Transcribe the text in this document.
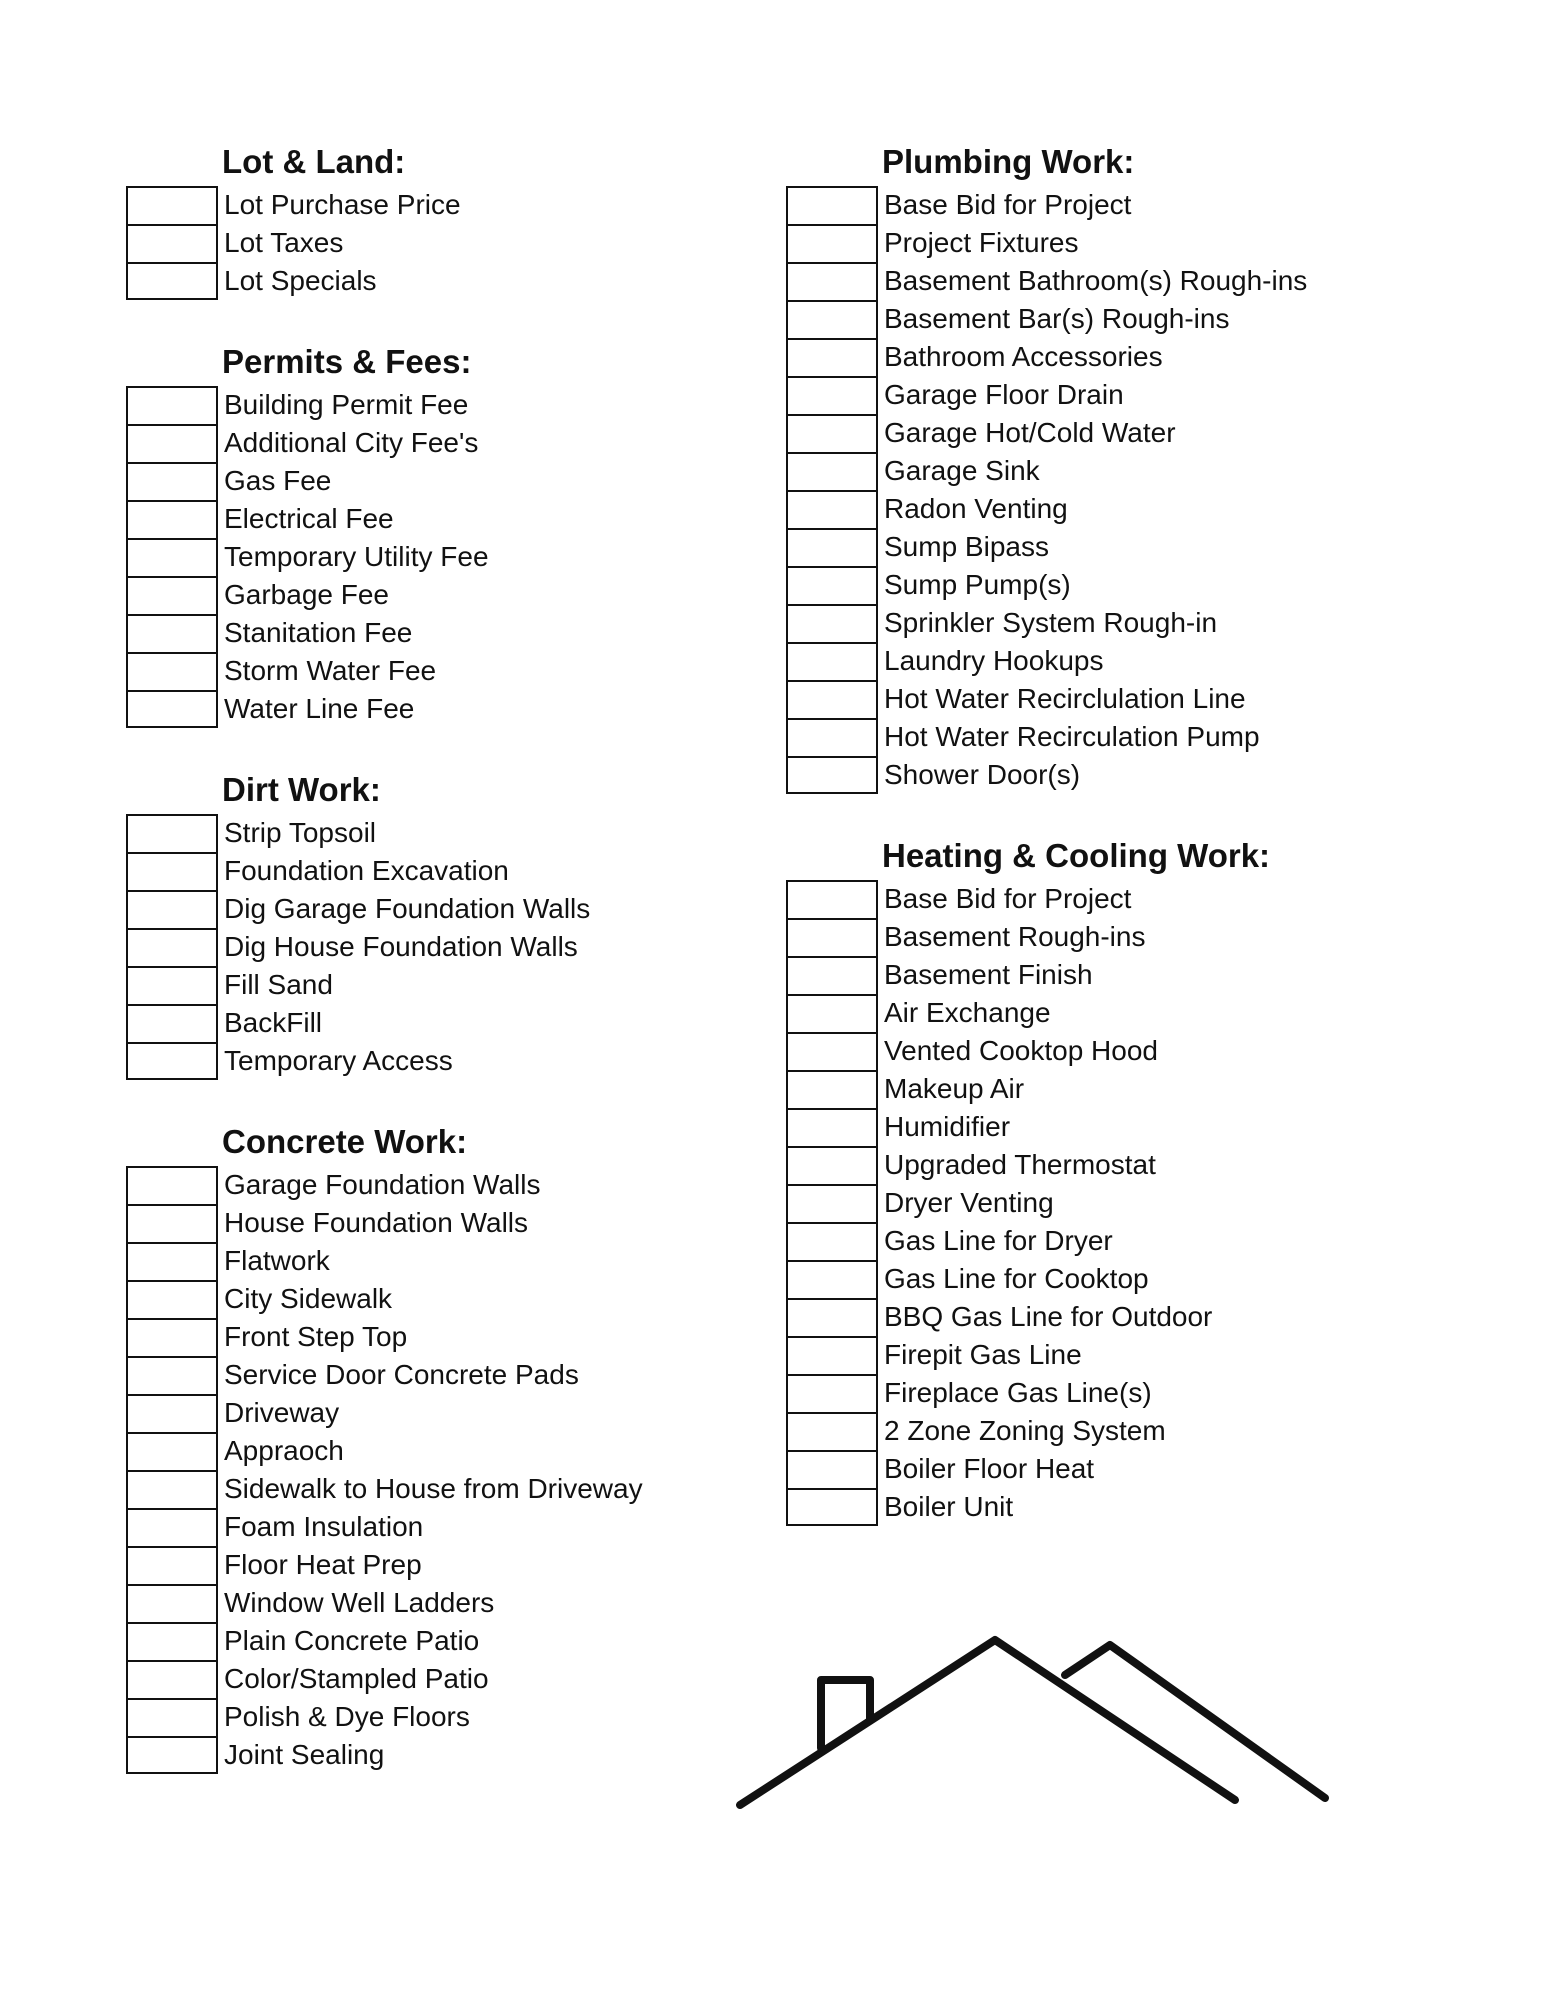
Lot & Land:
Lot Purchase Price
Lot Taxes
Lot Specials
Permits & Fees:
Building Permit Fee
Additional City Fee's
Gas Fee
Electrical Fee
Temporary Utility Fee
Garbage Fee
Stanitation Fee
Storm Water Fee
Water Line Fee
Dirt Work:
Strip Topsoil
Foundation Excavation
Dig Garage Foundation Walls
Dig House Foundation Walls
Fill Sand
BackFill
Temporary Access
Concrete Work:
Garage Foundation Walls
House Foundation Walls
Flatwork
City Sidewalk
Front Step Top
Service Door Concrete Pads
Driveway
Appraoch
Sidewalk to House from Driveway
Foam Insulation
Floor Heat Prep
Window Well Ladders
Plain Concrete Patio
Color/Stampled Patio
Polish & Dye Floors
Joint Sealing
Plumbing Work:
Base Bid for Project
Project Fixtures
Basement Bathroom(s) Rough-ins
Basement Bar(s) Rough-ins
Bathroom Accessories
Garage Floor Drain
Garage Hot/Cold Water
Garage Sink
Radon Venting
Sump Bipass
Sump Pump(s)
Sprinkler System Rough-in
Laundry Hookups
Hot Water Recirclulation Line
Hot Water Recirculation Pump
Shower Door(s)
Heating & Cooling Work:
Base Bid for Project
Basement Rough-ins
Basement Finish
Air Exchange
Vented Cooktop Hood
Makeup Air
Humidifier
Upgraded Thermostat
Dryer Venting
Gas Line for Dryer
Gas Line for Cooktop
BBQ Gas Line for Outdoor
Firepit Gas Line
Fireplace Gas Line(s)
2 Zone Zoning System
Boiler Floor Heat
Boiler Unit
